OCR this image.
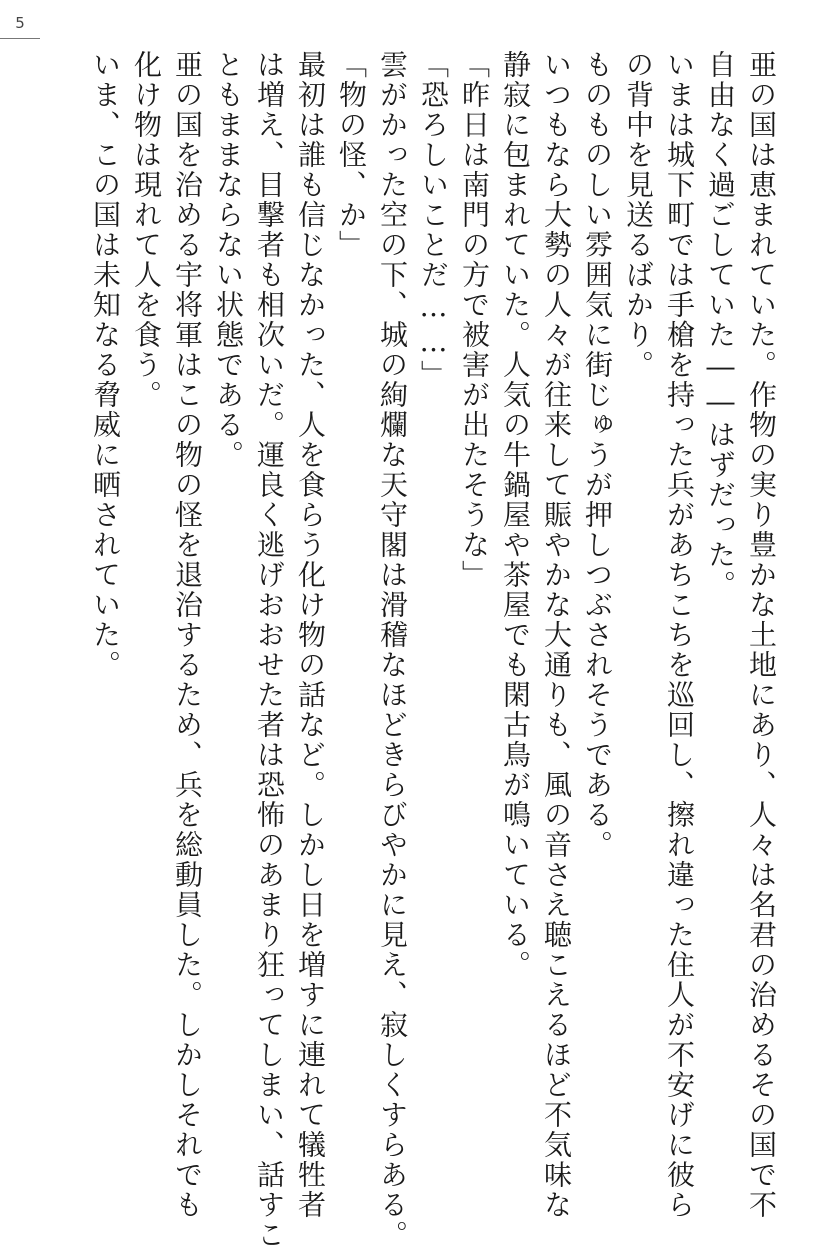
5
亜の国は恵まれていた。作物の実り豊かな土地にあり、人々は名君の治めるその国で不
自由なく過ごしていた――はずだった。
いまは城下町では手槍を持った兵があちこちを巡回し、擦れ違った住人が不安げに彼ら
の背中を見送るばかり。
ものものしい雰囲気に街じゅうが押しつぶされそうである。
いつもなら大勢の人々が往来して賑やかな大通りも、風の音さえ聴こえるほど不気味な
静寂に包まれていた。人気の牛鍋屋や茶屋でも閑古鳥が鳴いている。
「昨日は南門の方で被害が出たそうな」
「恐ろしいことだ……」
雲がかった空の下、城の絢爛な天守閣は滑稽なほどきらびやかに見え、寂しくすらある。
「物の怪、か」
最初は誰も信じなかった、人を食らう化け物の話など。しかし日を増すに連れて犠牲者
は増え、目撃者も相次いだ。運良く逃げおおせた者は恐怖のあまり狂ってしまい、話すこ
ともままならない状態である。
亜の国を治める宇将軍はこの物の怪を退治するため、兵を総動員した。しかしそれでも
化け物は現れて人を食う。
いま、この国は未知なる脅威に晒されていた。
